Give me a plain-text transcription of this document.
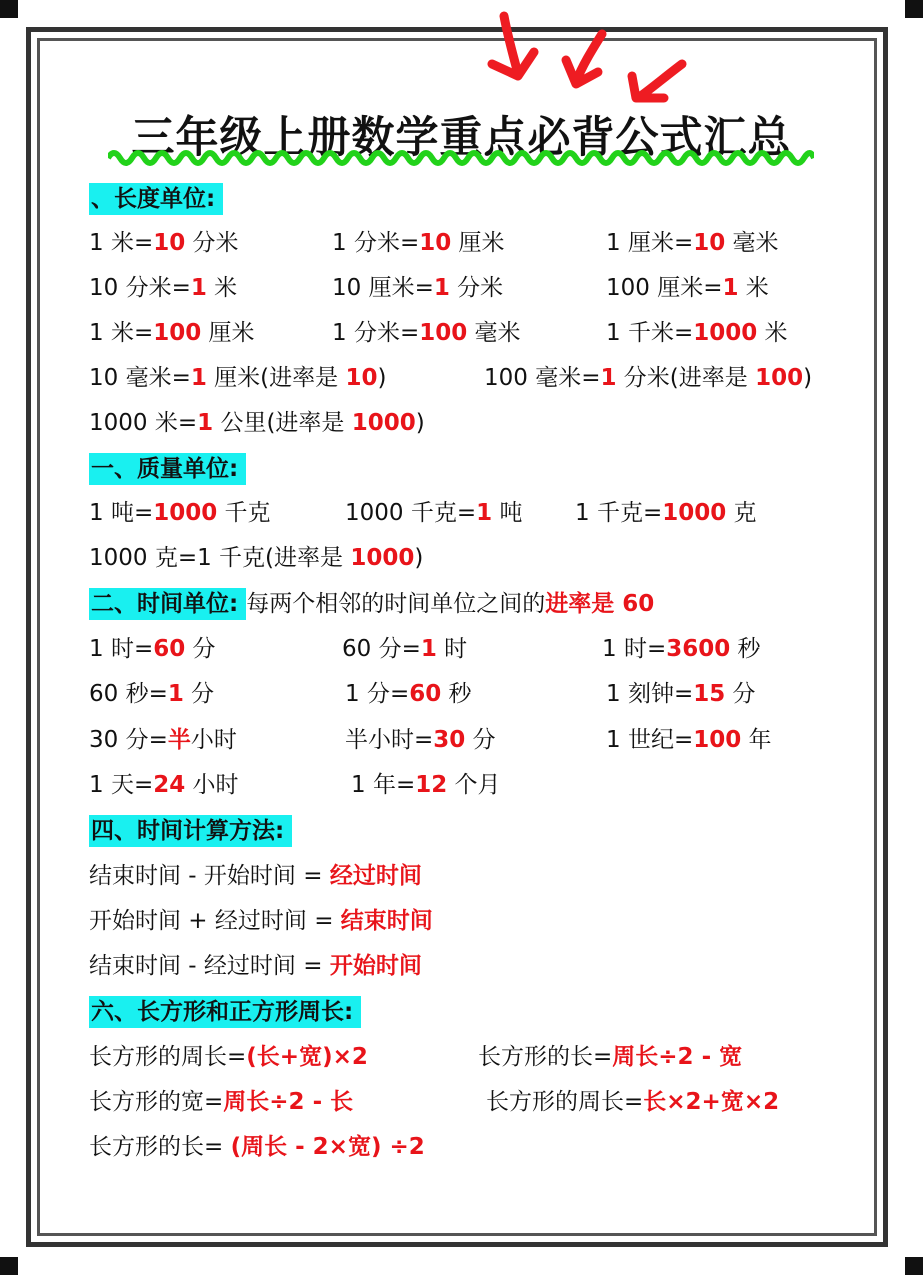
三年级上册数学重点必背公式汇总
、长度单位:
1 米=10 分米	1 分米=10 厘米	1 厘米=10 毫米
10 分米=1 米	10 厘米=1 分米	100 厘米=1 米
1 米=100 厘米	1 分米=100 毫米	1 千米=1000 米
10 毫米=1 厘米(进率是 10)	100 毫米=1 分米(进率是 100)
1000 米=1 公里(进率是 1000)
一、质量单位:
1 吨=1000 千克	1000 千克=1 吨 1 千克=1000 克
1000 克=1 千克(进率是 1000)
二、时间单位: 每两个相邻的时间单位之间的进率是 60
1 时=60 分	60 分=1 时	1 时=3600 秒
60 秒=1 分	1 分=60 秒	1 刻钟=15 分
30 分=半小时	半小时=30 分	1 世纪=100 年
1 天=24 小时	1 年=12 个月
四、时间计算方法:
结束时间 - 开始时间 = 经过时间
开始时间 + 经过时间 = 结束时间
结束时间 - 经过时间 = 开始时间
六、长方形和正方形周长:
长方形的周长=(长+宽)×2	长方形的长=周长÷2 - 宽
长方形的宽=周长÷2 - 长	长方形的周长=长×2+宽×2
长方形的长= (周长 - 2×宽) ÷2
